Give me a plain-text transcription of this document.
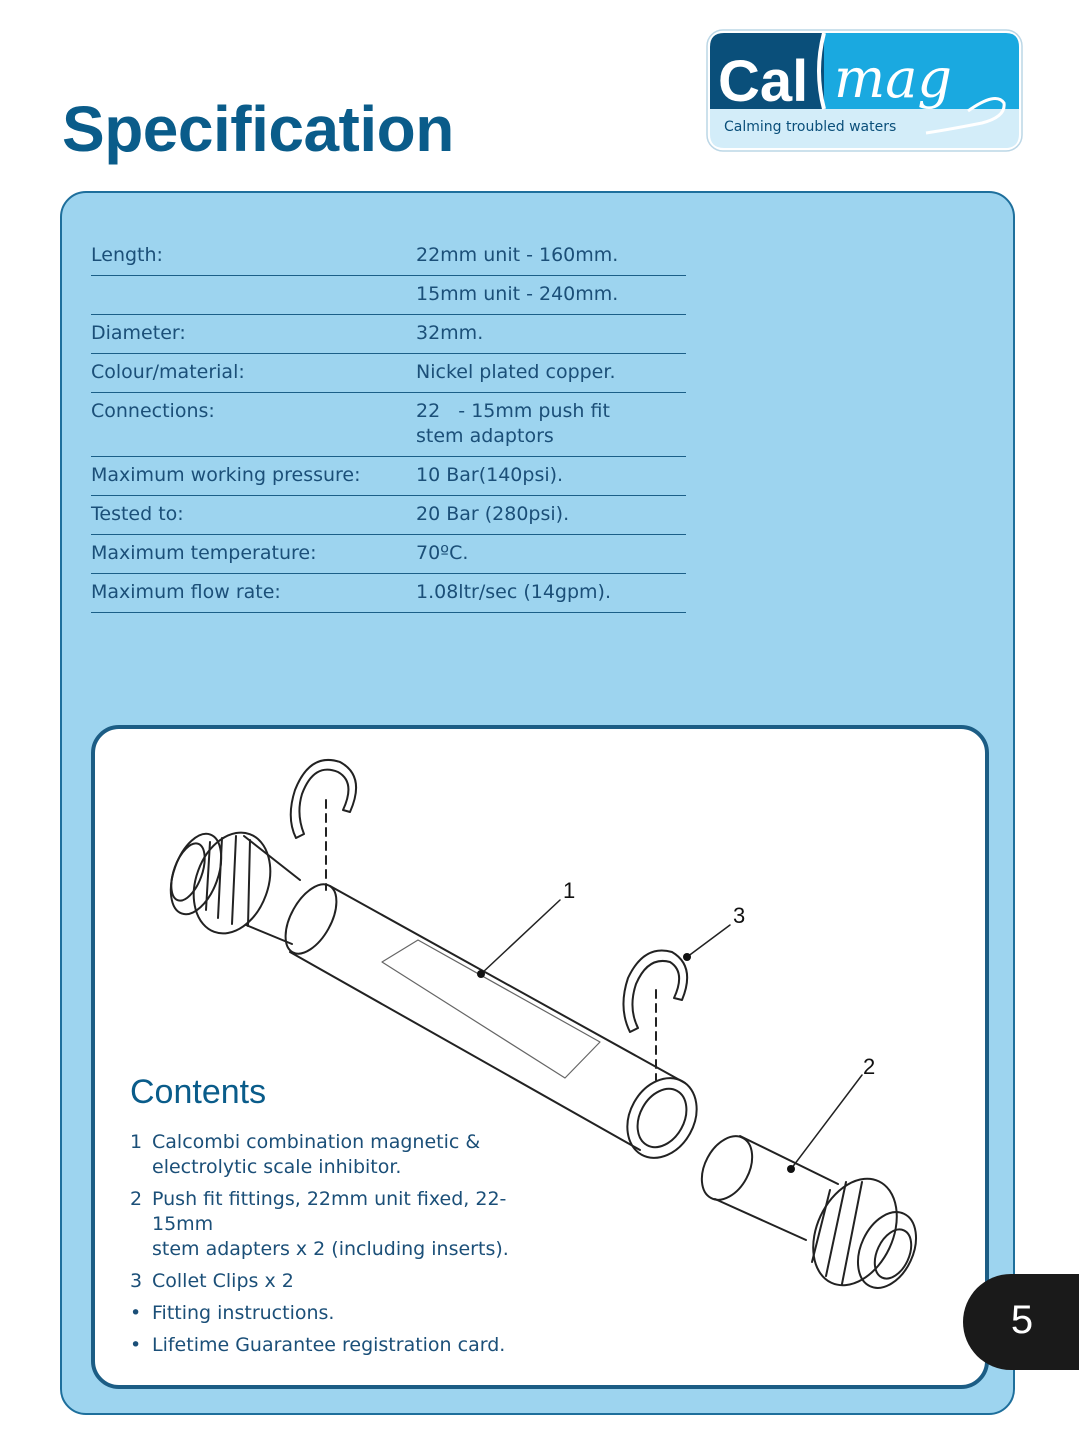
Specification
Cal mag
Calming troubled waters
Length:	22mm unit - 160mm.
15mm unit - 240mm.
Diameter:	32mm.
Colour/material:	Nickel plated copper.
Connections:	22   - 15mm push fit
stem adaptors
Maximum working pressure:	10 Bar(140psi).
Tested to:	20 Bar (280psi).
Maximum temperature:	70ºC.
Maximum flow rate:	1.08ltr/sec (14gpm).
1
3
2
Contents
1 Calcombi combination magnetic &
electrolytic scale inhibitor.
2 Push fit fittings, 22mm unit fixed, 22-15mm
stem adapters x 2 (including inserts).
3 Collet Clips x 2
• Fitting instructions.
• Lifetime Guarantee registration card.
5
